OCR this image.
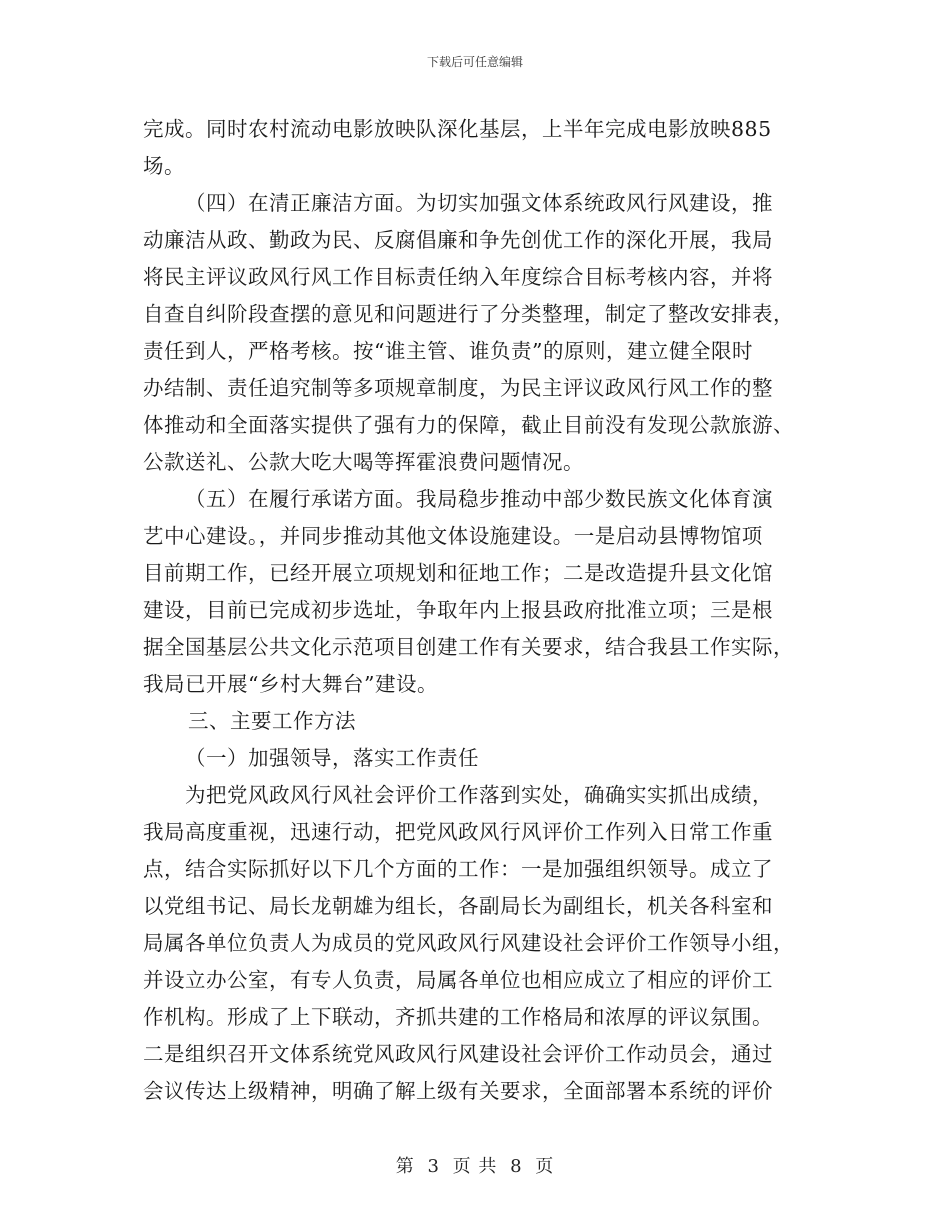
下载后可任意编辑
完成。同时农村流动电影放映队深化基层，上半年完成电影放映885
场。
（四）在清正廉洁方面。为切实加强文体系统政风行风建设，推
动廉洁从政、勤政为民、反腐倡廉和争先创优工作的深化开展，我局
将民主评议政风行风工作目标责任纳入年度综合目标考核内容，并将
自查自纠阶段查摆的意见和问题进行了分类整理，制定了整改安排表，
责任到人，严格考核。按“谁主管、谁负责”的原则，建立健全限时
办结制、责任追究制等多项规章制度，为民主评议政风行风工作的整
体推动和全面落实提供了强有力的保障，截止目前没有发现公款旅游、
公款送礼、公款大吃大喝等挥霍浪费问题情况。
（五）在履行承诺方面。我局稳步推动中部少数民族文化体育演
艺中心建设。，并同步推动其他文体设施建设。一是启动县博物馆项
目前期工作，已经开展立项规划和征地工作；二是改造提升县文化馆
建设，目前已完成初步选址，争取年内上报县政府批准立项；三是根
据全国基层公共文化示范项目创建工作有关要求，结合我县工作实际，
我局已开展“乡村大舞台”建设。
三、主要工作方法
（一）加强领导，落实工作责任
为把党风政风行风社会评价工作落到实处，确确实实抓出成绩，
我局高度重视，迅速行动，把党风政风行风评价工作列入日常工作重
点，结合实际抓好以下几个方面的工作：一是加强组织领导。成立了
以党组书记、局长龙朝雄为组长，各副局长为副组长，机关各科室和
局属各单位负责人为成员的党风政风行风建设社会评价工作领导小组，
并设立办公室，有专人负责，局属各单位也相应成立了相应的评价工
作机构。形成了上下联动，齐抓共建的工作格局和浓厚的评议氛围。
二是组织召开文体系统党风政风行风建设社会评价工作动员会，通过
会议传达上级精神，明确了解上级有关要求，全面部署本系统的评价
第 3 页 共 8 页
